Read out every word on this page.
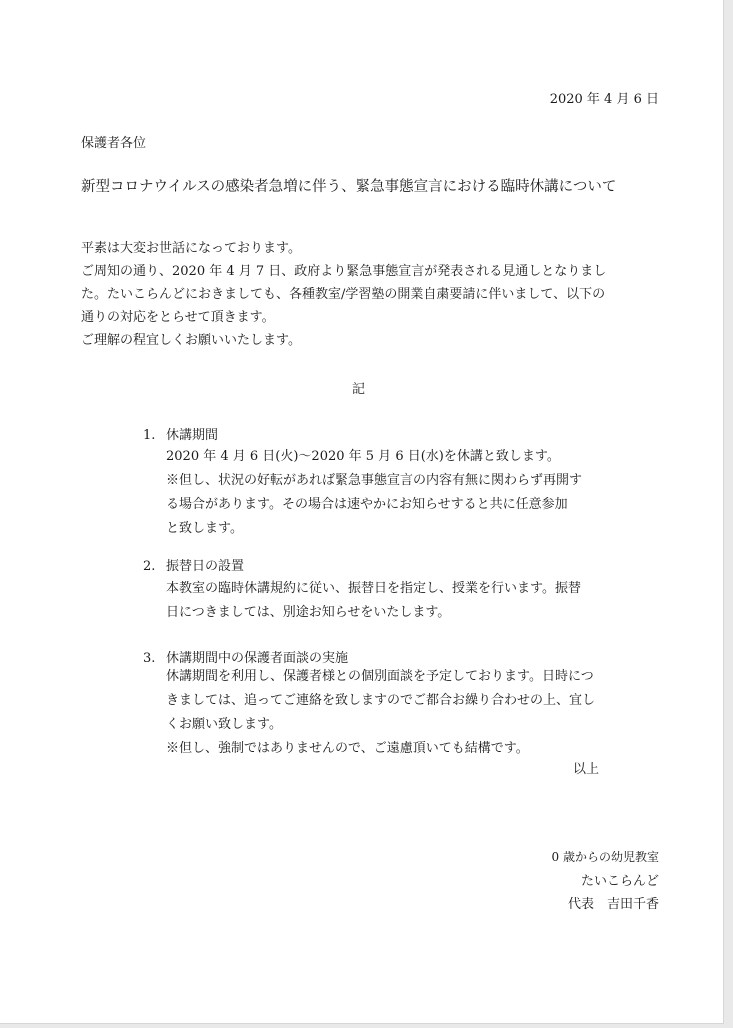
2020 年 4 月 6 日
保護者各位
新型コロナウイルスの感染者急増に伴う、緊急事態宣言における臨時休講について
平素は大変お世話になっております。
ご周知の通り、2020 年 4 月 7 日、政府より緊急事態宣言が発表される見通しとなりまし
た。たいこらんどにおきましても、各種教室/学習塾の開業自粛要請に伴いまして、以下の
通りの対応をとらせて頂きます。
ご理解の程宜しくお願いいたします。
記
1. 休講期間
2020 年 4 月 6 日(火)～2020 年 5 月 6 日(水)を休講と致します。
※但し、状況の好転があれば緊急事態宣言の内容有無に関わらず再開す
る場合があります。その場合は速やかにお知らせすると共に任意参加
と致します。
2. 振替日の設置
本教室の臨時休講規約に従い、振替日を指定し、授業を行います。振替
日につきましては、別途お知らせをいたします。
3. 休講期間中の保護者面談の実施
休講期間を利用し、保護者様との個別面談を予定しております。日時につ
きましては、追ってご連絡を致しますのでご都合お繰り合わせの上、宜し
くお願い致します。
※但し、強制ではありませんので、ご遠慮頂いても結構です。
以上
0 歳からの幼児教室
たいこらんど
代表　吉田千香
